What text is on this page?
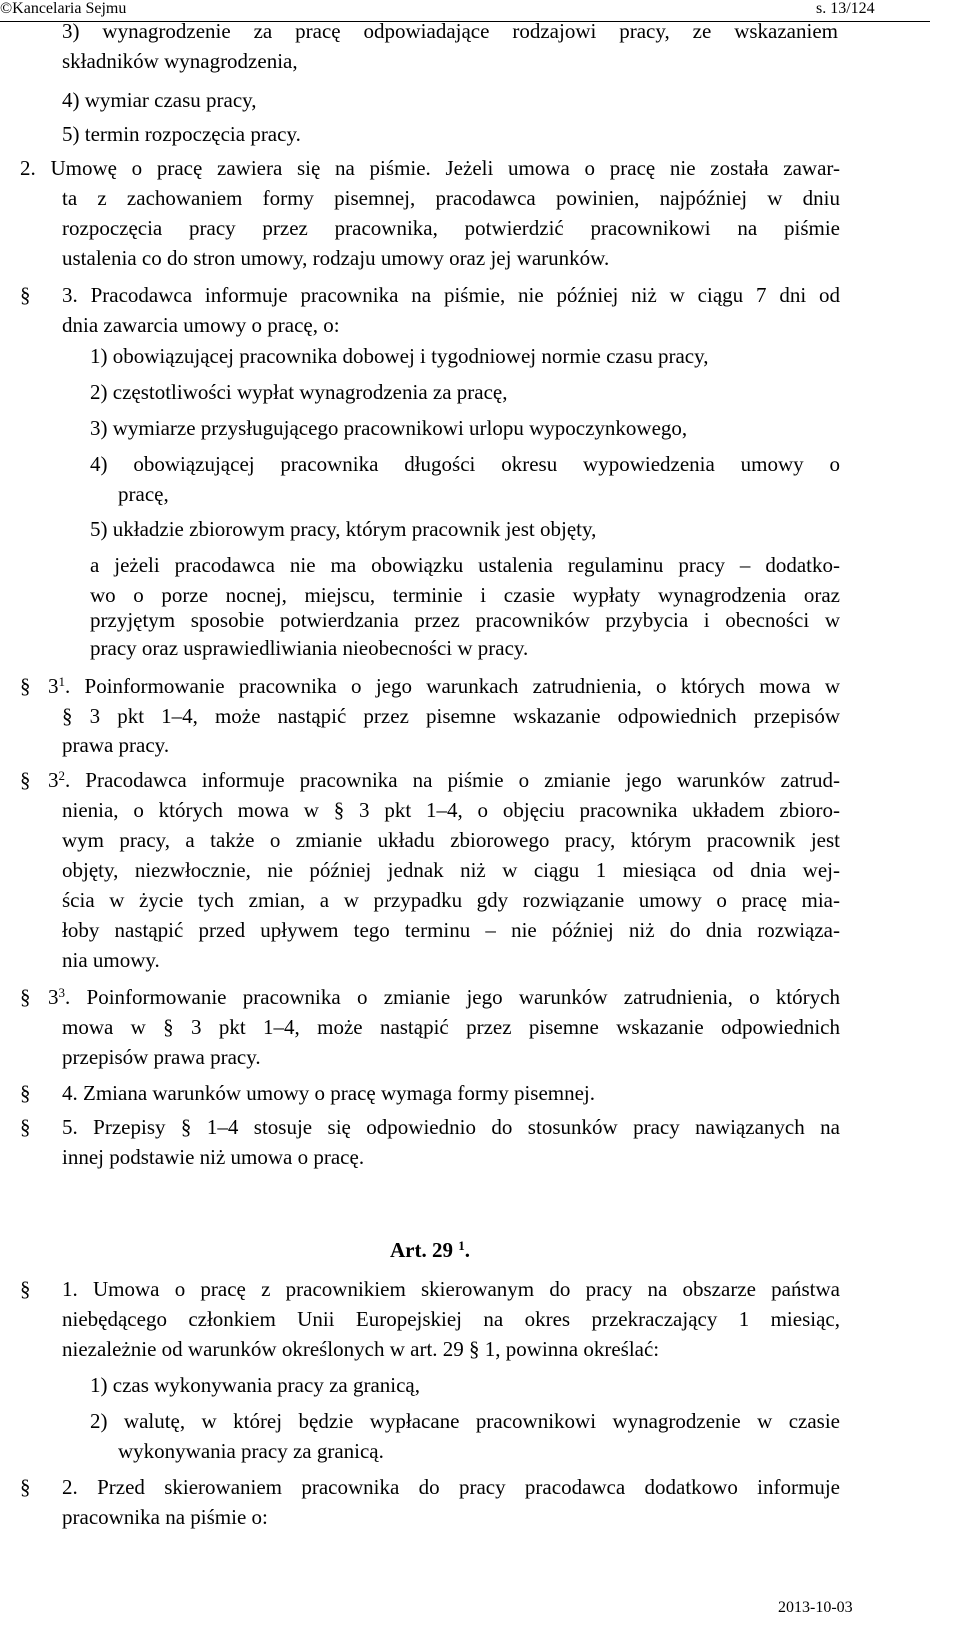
©Kancelaria Sejmu	s. 13/124
3) wynagrodzenie za pracę odpowiadające rodzajowi pracy, ze wskazaniem
składników wynagrodzenia,
4) wymiar czasu pracy,
5) termin rozpoczęcia pracy.
2. Umowę o pracę zawiera się na piśmie. Jeżeli umowa o pracę nie została zawar-
ta z zachowaniem formy pisemnej, pracodawca powinien, najpóźniej w dniu
rozpoczęcia pracy przez pracownika, potwierdzić pracownikowi na piśmie
ustalenia co do stron umowy, rodzaju umowy oraz jej warunków.
§ 3. Pracodawca informuje pracownika na piśmie, nie później niż w ciągu 7 dni od
dnia zawarcia umowy o pracę, o:
1) obowiązującej pracownika dobowej i tygodniowej normie czasu pracy,
2) częstotliwości wypłat wynagrodzenia za pracę,
3) wymiarze przysługującego pracownikowi urlopu wypoczynkowego,
4) obowiązującej pracownika długości okresu wypowiedzenia umowy o
pracę,
5) układzie zbiorowym pracy, którym pracownik jest objęty,
a jeżeli pracodawca nie ma obowiązku ustalenia regulaminu pracy – dodatko-
wo o porze nocnej, miejscu, terminie i czasie wypłaty wynagrodzenia oraz
przyjętym sposobie potwierdzania przez pracowników przybycia i obecności w
pracy oraz usprawiedliwiania nieobecności w pracy.
§ $3^1$. Poinformowanie pracownika o jego warunkach zatrudnienia, o których mowa w
§ 3 pkt 1–4, może nastąpić przez pisemne wskazanie odpowiednich przepisów
prawa pracy.
§ $3^2$. Pracodawca informuje pracownika na piśmie o zmianie jego warunków zatrud-
nienia, o których mowa w § 3 pkt 1–4, o objęciu pracownika układem zbioro-
wym pracy, a także o zmianie układu zbiorowego pracy, którym pracownik jest
objęty, niezwłocznie, nie później jednak niż w ciągu 1 miesiąca od dnia wej-
ścia w życie tych zmian, a w przypadku gdy rozwiązanie umowy o pracę mia-
łoby nastąpić przed upływem tego terminu – nie później niż do dnia rozwiąza-
nia umowy.
§ $3^3$. Poinformowanie pracownika o zmianie jego warunków zatrudnienia, o których
mowa w § 3 pkt 1–4, może nastąpić przez pisemne wskazanie odpowiednich
przepisów prawa pracy.
§ 4. Zmiana warunków umowy o pracę wymaga formy pisemnej.
§ 5. Przepisy § 1–4 stosuje się odpowiednio do stosunków pracy nawiązanych na
innej podstawie niż umowa o pracę.
Art. 29 $^1$.
§ 1. Umowa o pracę z pracownikiem skierowanym do pracy na obszarze państwa
niebędącego członkiem Unii Europejskiej na okres przekraczający 1 miesiąc,
niezależnie od warunków określonych w art. 29 § 1, powinna określać:
1) czas wykonywania pracy za granicą,
2) walutę, w której będzie wypłacane pracownikowi wynagrodzenie w czasie
wykonywania pracy za granicą.
§ 2. Przed skierowaniem pracownika do pracy pracodawca dodatkowo informuje
pracownika na piśmie o:
2013-10-03
